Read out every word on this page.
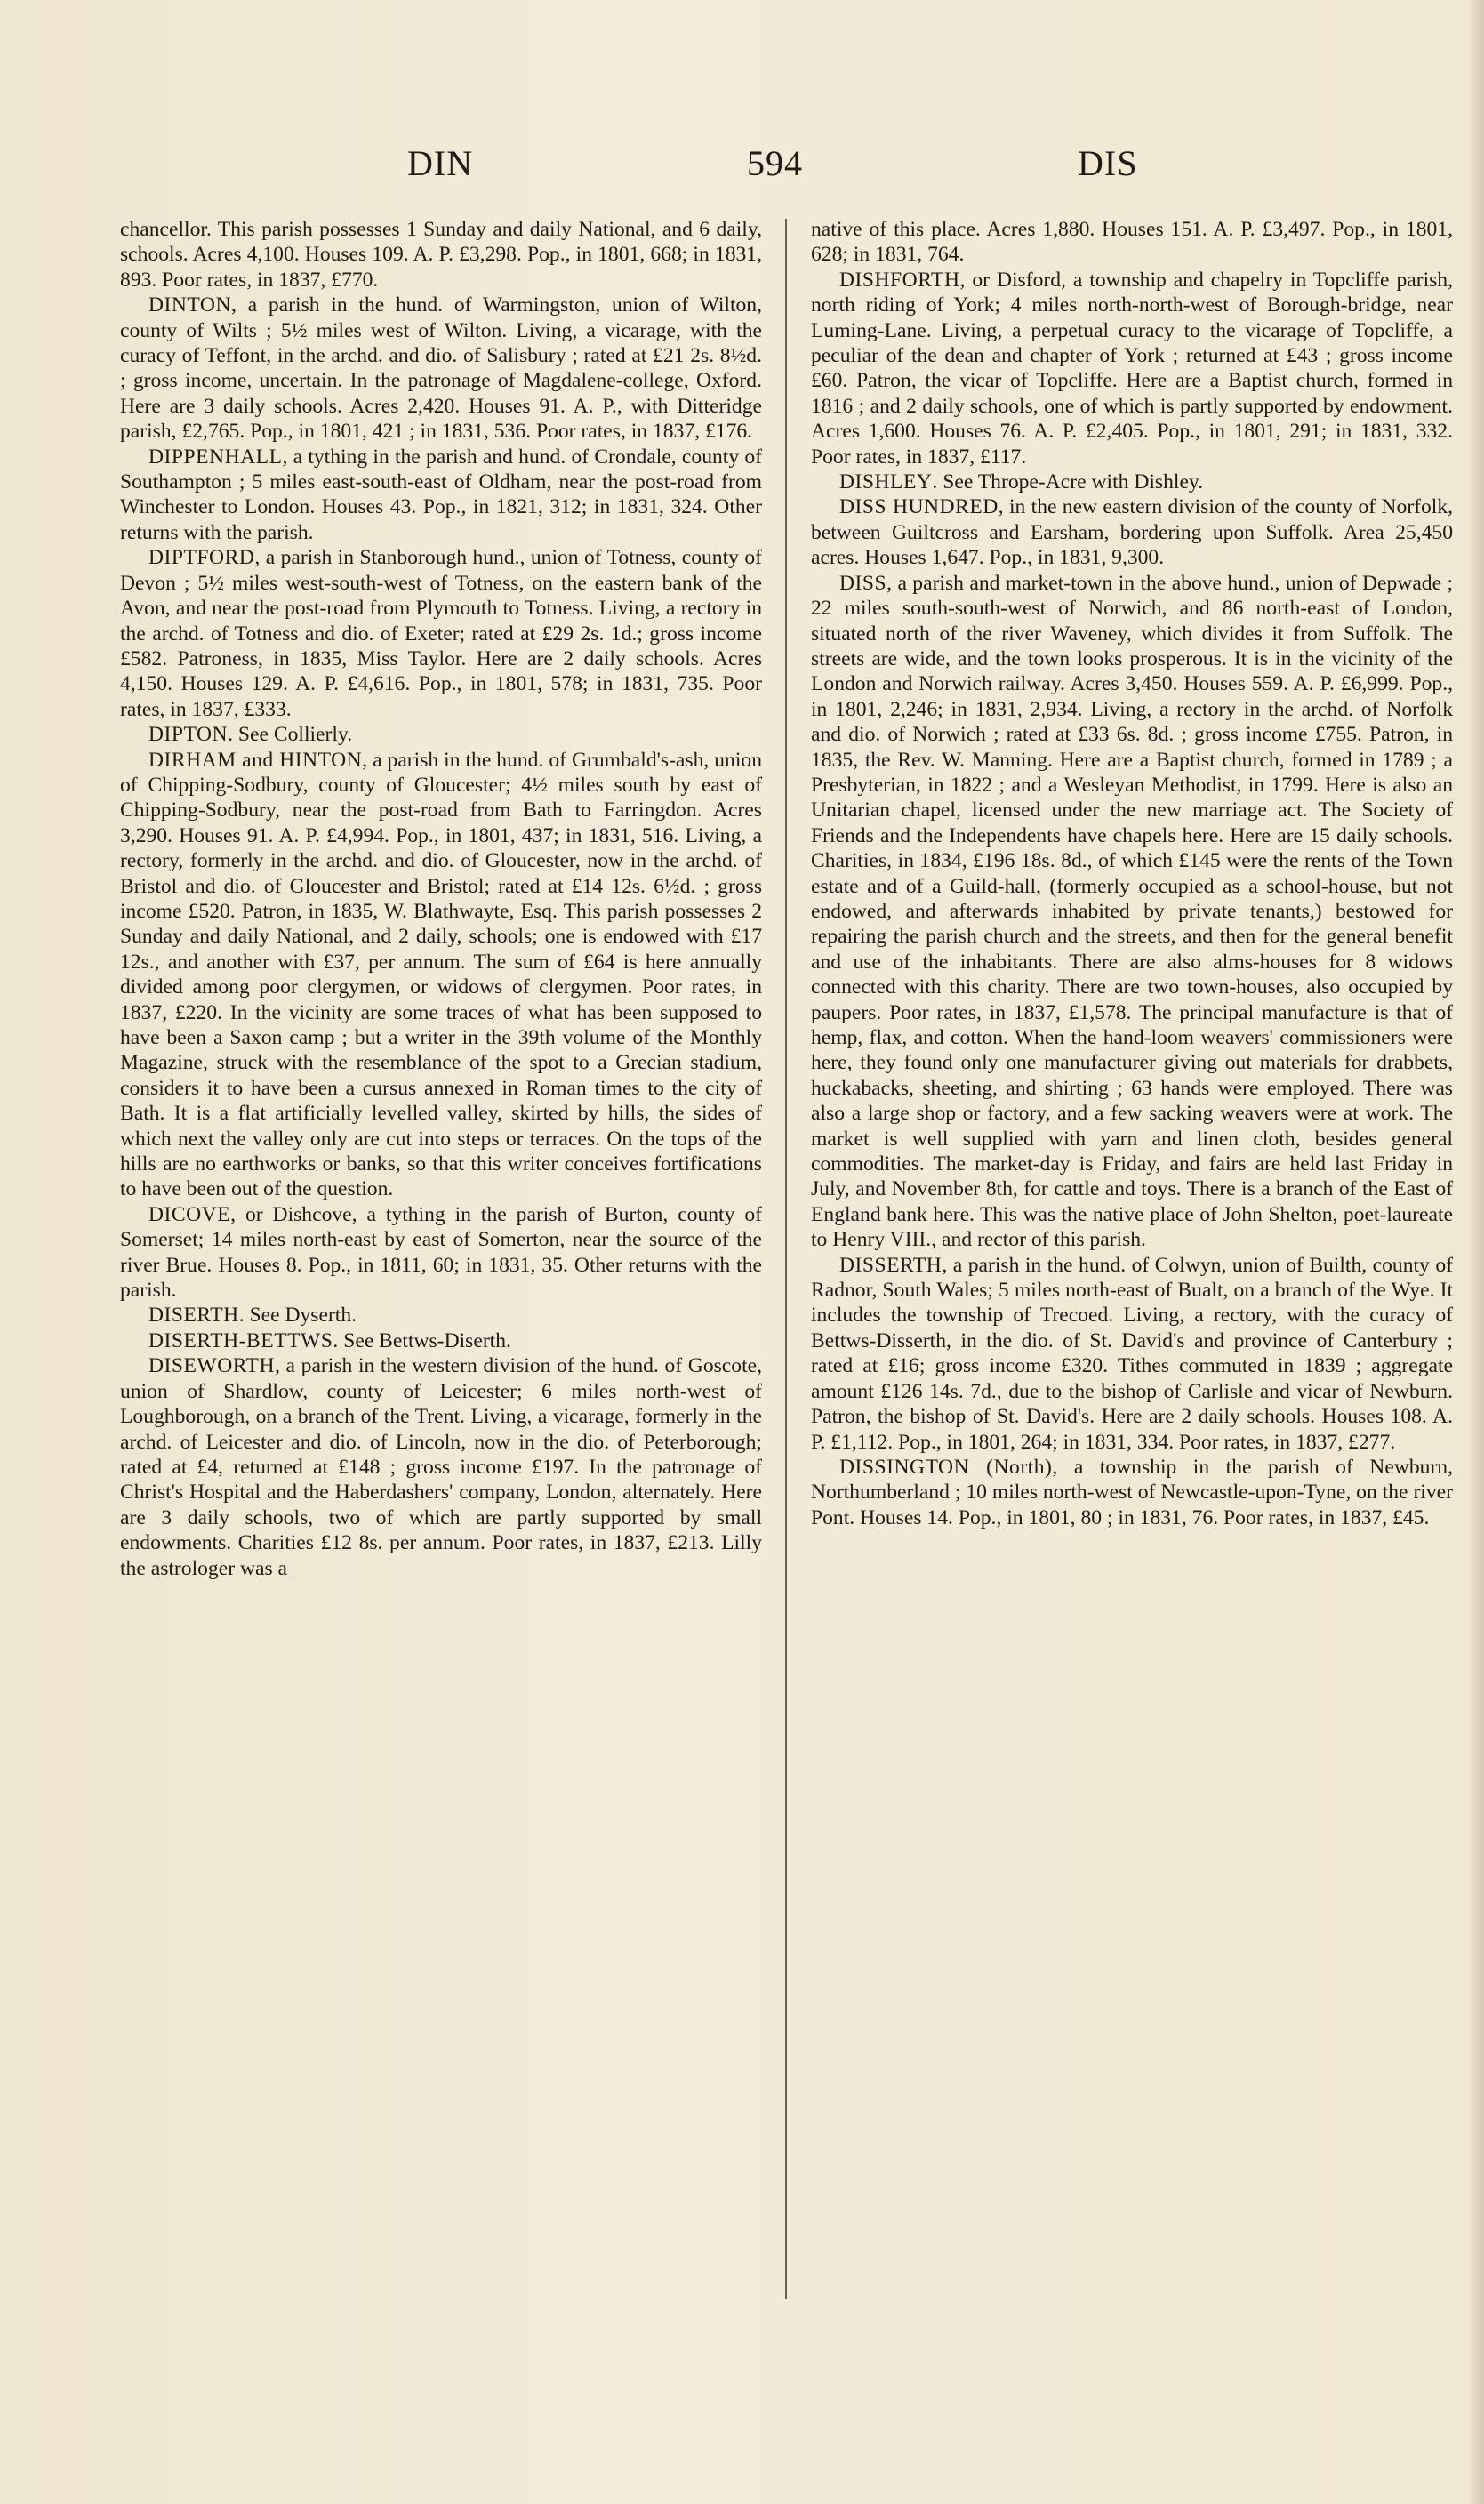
DIN	594	DIS

chancellor. This parish possesses 1 Sunday and daily National, and 6 daily, schools. Acres 4,100. Houses 109. A. P. £3,298. Pop., in 1801, 668; in 1831, 893. Poor rates, in 1837, £770.

DINTON, a parish in the hund. of Warmingston, union of Wilton, county of Wilts ; 5½ miles west of Wilton. Living, a vicarage, with the curacy of Teffont, in the archd. and dio. of Salisbury ; rated at £21 2s. 8½d. ; gross income, uncertain. In the patronage of Magdalene-college, Oxford. Here are 3 daily schools. Acres 2,420. Houses 91. A. P., with Ditteridge parish, £2,765. Pop., in 1801, 421 ; in 1831, 536. Poor rates, in 1837, £176.

DIPPENHALL, a tything in the parish and hund. of Crondale, county of Southampton ; 5 miles east-south-east of Oldham, near the post-road from Winchester to London. Houses 43. Pop., in 1821, 312; in 1831, 324. Other returns with the parish.

DIPTFORD, a parish in Stanborough hund., union of Totness, county of Devon ; 5½ miles west-south-west of Totness, on the eastern bank of the Avon, and near the post-road from Plymouth to Totness. Living, a rectory in the archd. of Totness and dio. of Exeter; rated at £29 2s. 1d.; gross income £582. Patroness, in 1835, Miss Taylor. Here are 2 daily schools. Acres 4,150. Houses 129. A. P. £4,616. Pop., in 1801, 578; in 1831, 735. Poor rates, in 1837, £333.

DIPTON. See Collierly.

DIRHAM and HINTON, a parish in the hund. of Grumbald's-ash, union of Chipping-Sodbury, county of Gloucester; 4½ miles south by east of Chipping-Sodbury, near the post-road from Bath to Farringdon. Acres 3,290. Houses 91. A. P. £4,994. Pop., in 1801, 437; in 1831, 516. Living, a rectory, formerly in the archd. and dio. of Gloucester, now in the archd. of Bristol and dio. of Gloucester and Bristol; rated at £14 12s. 6½d. ; gross income £520. Patron, in 1835, W. Blathwayte, Esq. This parish possesses 2 Sunday and daily National, and 2 daily, schools; one is endowed with £17 12s., and another with £37, per annum. The sum of £64 is here annually divided among poor clergymen, or widows of clergymen. Poor rates, in 1837, £220. In the vicinity are some traces of what has been supposed to have been a Saxon camp ; but a writer in the 39th volume of the Monthly Magazine, struck with the resemblance of the spot to a Grecian stadium, considers it to have been a cursus annexed in Roman times to the city of Bath. It is a flat artificially levelled valley, skirted by hills, the sides of which next the valley only are cut into steps or terraces. On the tops of the hills are no earthworks or banks, so that this writer conceives fortifications to have been out of the question.

DICOVE, or Dishcove, a tything in the parish of Burton, county of Somerset; 14 miles north-east by east of Somerton, near the source of the river Brue. Houses 8. Pop., in 1811, 60; in 1831, 35. Other returns with the parish.

DISERTH. See Dyserth.

DISERTH-BETTWS. See Bettws-Diserth.

DISEWORTH, a parish in the western division of the hund. of Goscote, union of Shardlow, county of Leicester; 6 miles north-west of Loughborough, on a branch of the Trent. Living, a vicarage, formerly in the archd. of Leicester and dio. of Lincoln, now in the dio. of Peterborough; rated at £4, returned at £148 ; gross income £197. In the patronage of Christ's Hospital and the Haberdashers' company, London, alternately. Here are 3 daily schools, two of which are partly supported by small endowments. Charities £12 8s. per annum. Poor rates, in 1837, £213. Lilly the astrologer was a

native of this place. Acres 1,880. Houses 151. A. P. £3,497. Pop., in 1801, 628; in 1831, 764.

DISHFORTH, or Disford, a township and chapelry in Topcliffe parish, north riding of York; 4 miles north-north-west of Borough-bridge, near Luming-Lane. Living, a perpetual curacy to the vicarage of Topcliffe, a peculiar of the dean and chapter of York ; returned at £43 ; gross income £60. Patron, the vicar of Topcliffe. Here are a Baptist church, formed in 1816 ; and 2 daily schools, one of which is partly supported by endowment. Acres 1,600. Houses 76. A. P. £2,405. Pop., in 1801, 291; in 1831, 332. Poor rates, in 1837, £117.

DISHLEY. See Thrope-Acre with Dishley.

DISS HUNDRED, in the new eastern division of the county of Norfolk, between Guiltcross and Earsham, bordering upon Suffolk. Area 25,450 acres. Houses 1,647. Pop., in 1831, 9,300.

DISS, a parish and market-town in the above hund., union of Depwade ; 22 miles south-south-west of Norwich, and 86 north-east of London, situated north of the river Waveney, which divides it from Suffolk. The streets are wide, and the town looks prosperous. It is in the vicinity of the London and Norwich railway. Acres 3,450. Houses 559. A. P. £6,999. Pop., in 1801, 2,246; in 1831, 2,934. Living, a rectory in the archd. of Norfolk and dio. of Norwich ; rated at £33 6s. 8d. ; gross income £755. Patron, in 1835, the Rev. W. Manning. Here are a Baptist church, formed in 1789 ; a Presbyterian, in 1822 ; and a Wesleyan Methodist, in 1799. Here is also an Unitarian chapel, licensed under the new marriage act. The Society of Friends and the Independents have chapels here. Here are 15 daily schools. Charities, in 1834, £196 18s. 8d., of which £145 were the rents of the Town estate and of a Guild-hall, (formerly occupied as a school-house, but not endowed, and afterwards inhabited by private tenants,) bestowed for repairing the parish church and the streets, and then for the general benefit and use of the inhabitants. There are also alms-houses for 8 widows connected with this charity. There are two town-houses, also occupied by paupers. Poor rates, in 1837, £1,578. The principal manufacture is that of hemp, flax, and cotton. When the hand-loom weavers' commissioners were here, they found only one manufacturer giving out materials for drabbets, huckabacks, sheeting, and shirting ; 63 hands were employed. There was also a large shop or factory, and a few sacking weavers were at work. The market is well supplied with yarn and linen cloth, besides general commodities. The market-day is Friday, and fairs are held last Friday in July, and November 8th, for cattle and toys. There is a branch of the East of England bank here. This was the native place of John Shelton, poet-laureate to Henry VIII., and rector of this parish.

DISSERTH, a parish in the hund. of Colwyn, union of Builth, county of Radnor, South Wales; 5 miles north-east of Bualt, on a branch of the Wye. It includes the township of Trecoed. Living, a rectory, with the curacy of Bettws-Disserth, in the dio. of St. David's and province of Canterbury ; rated at £16; gross income £320. Tithes commuted in 1839 ; aggregate amount £126 14s. 7d., due to the bishop of Carlisle and vicar of Newburn. Patron, the bishop of St. David's. Here are 2 daily schools. Houses 108. A. P. £1,112. Pop., in 1801, 264; in 1831, 334. Poor rates, in 1837, £277.

DISSINGTON (North), a township in the parish of Newburn, Northumberland ; 10 miles north-west of Newcastle-upon-Tyne, on the river Pont. Houses 14. Pop., in 1801, 80 ; in 1831, 76. Poor rates, in 1837, £45.
